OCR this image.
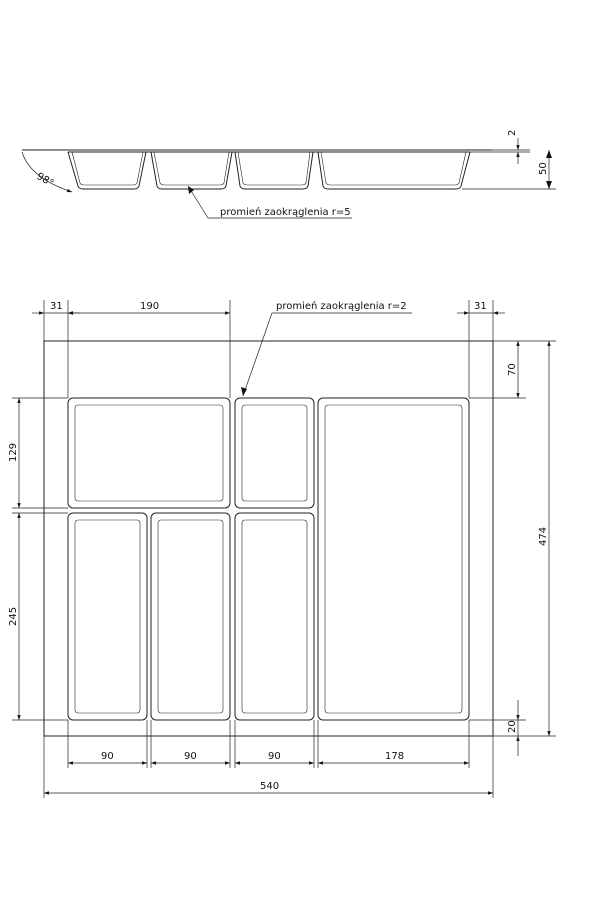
98°
2
50
promień zaokrąglenia r=5
31	190	31
promień zaokrąglenia r=2
70
474
20
129
245
90	90	90	178
540
